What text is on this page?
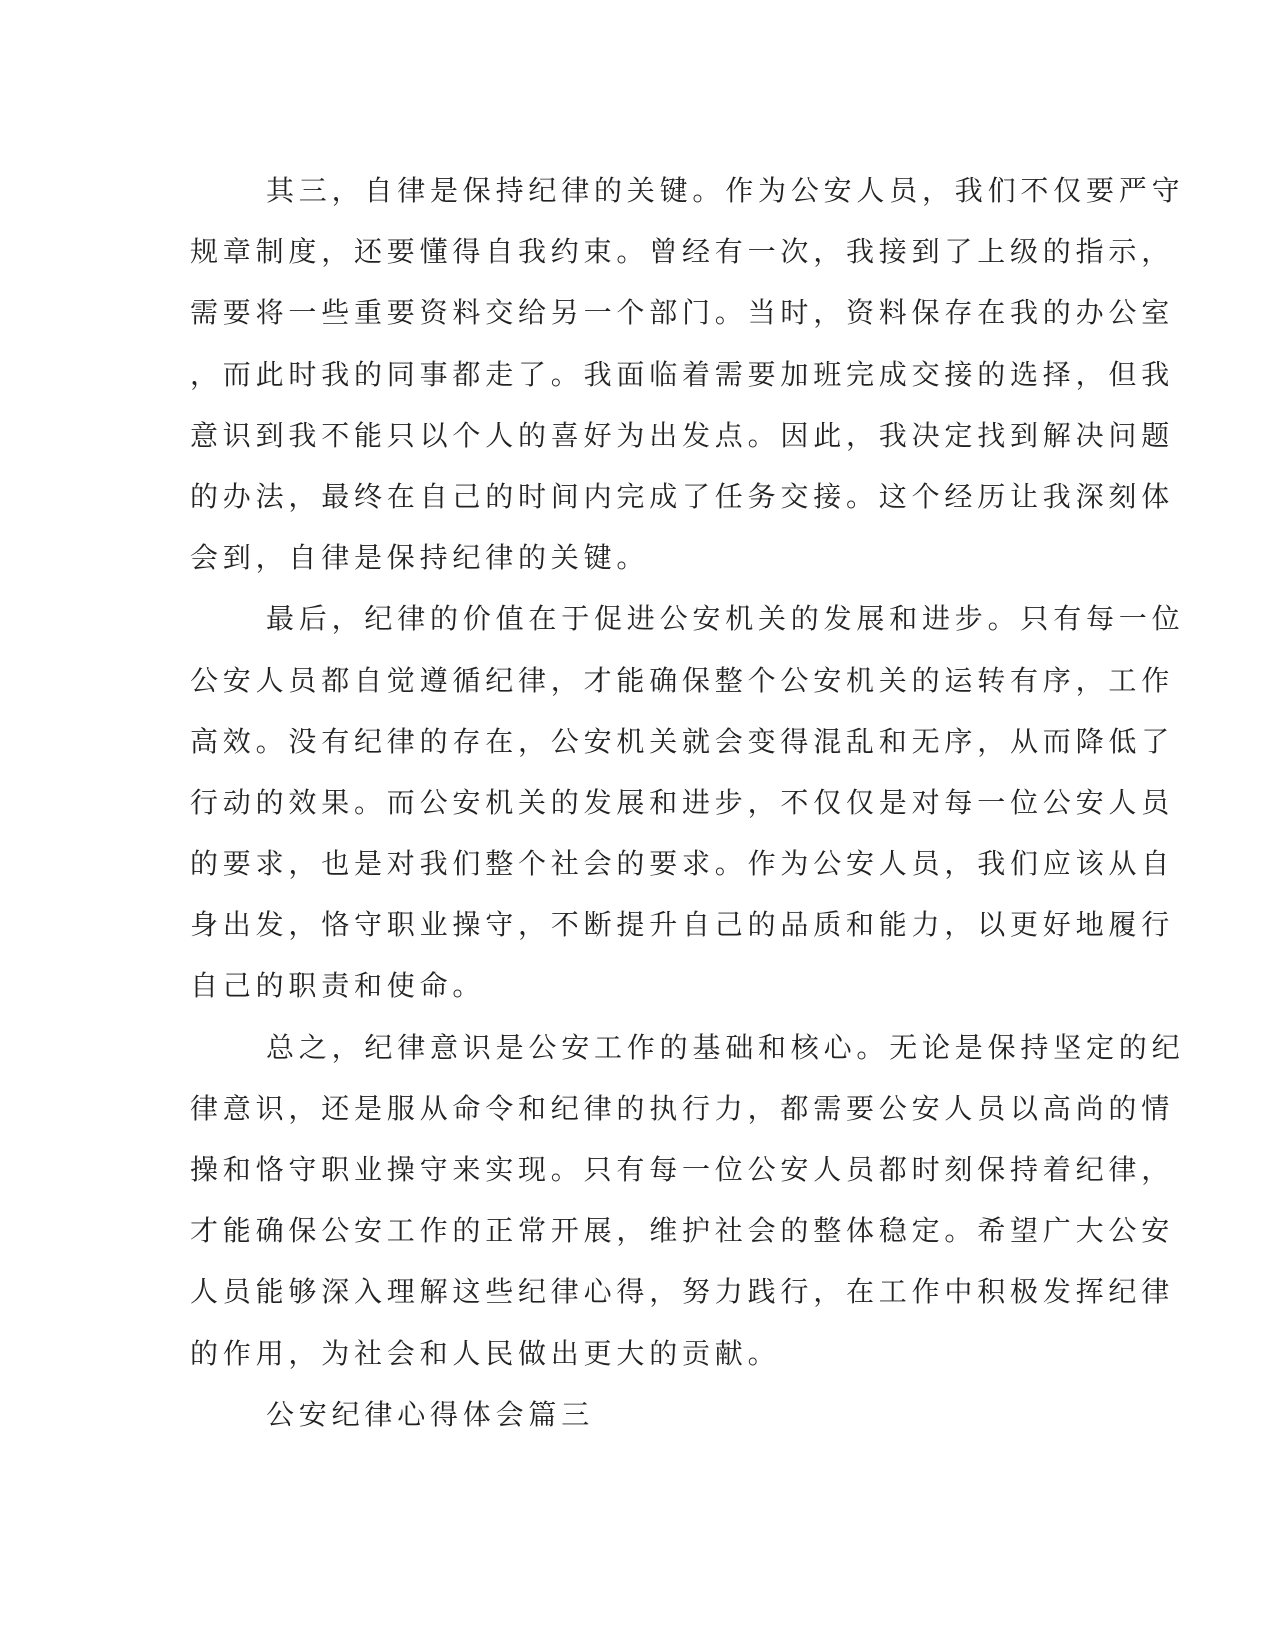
其三，自律是保持纪律的关键。作为公安人员，我们不仅要严守
规章制度，还要懂得自我约束。曾经有一次，我接到了上级的指示，
需要将一些重要资料交给另一个部门。当时，资料保存在我的办公室
，而此时我的同事都走了。我面临着需要加班完成交接的选择，但我
意识到我不能只以个人的喜好为出发点。因此，我决定找到解决问题
的办法，最终在自己的时间内完成了任务交接。这个经历让我深刻体
会到，自律是保持纪律的关键。
最后，纪律的价值在于促进公安机关的发展和进步。只有每一位
公安人员都自觉遵循纪律，才能确保整个公安机关的运转有序，工作
高效。没有纪律的存在，公安机关就会变得混乱和无序，从而降低了
行动的效果。而公安机关的发展和进步，不仅仅是对每一位公安人员
的要求，也是对我们整个社会的要求。作为公安人员，我们应该从自
身出发，恪守职业操守，不断提升自己的品质和能力，以更好地履行
自己的职责和使命。
总之，纪律意识是公安工作的基础和核心。无论是保持坚定的纪
律意识，还是服从命令和纪律的执行力，都需要公安人员以高尚的情
操和恪守职业操守来实现。只有每一位公安人员都时刻保持着纪律，
才能确保公安工作的正常开展，维护社会的整体稳定。希望广大公安
人员能够深入理解这些纪律心得，努力践行，在工作中积极发挥纪律
的作用，为社会和人民做出更大的贡献。
公安纪律心得体会篇三
